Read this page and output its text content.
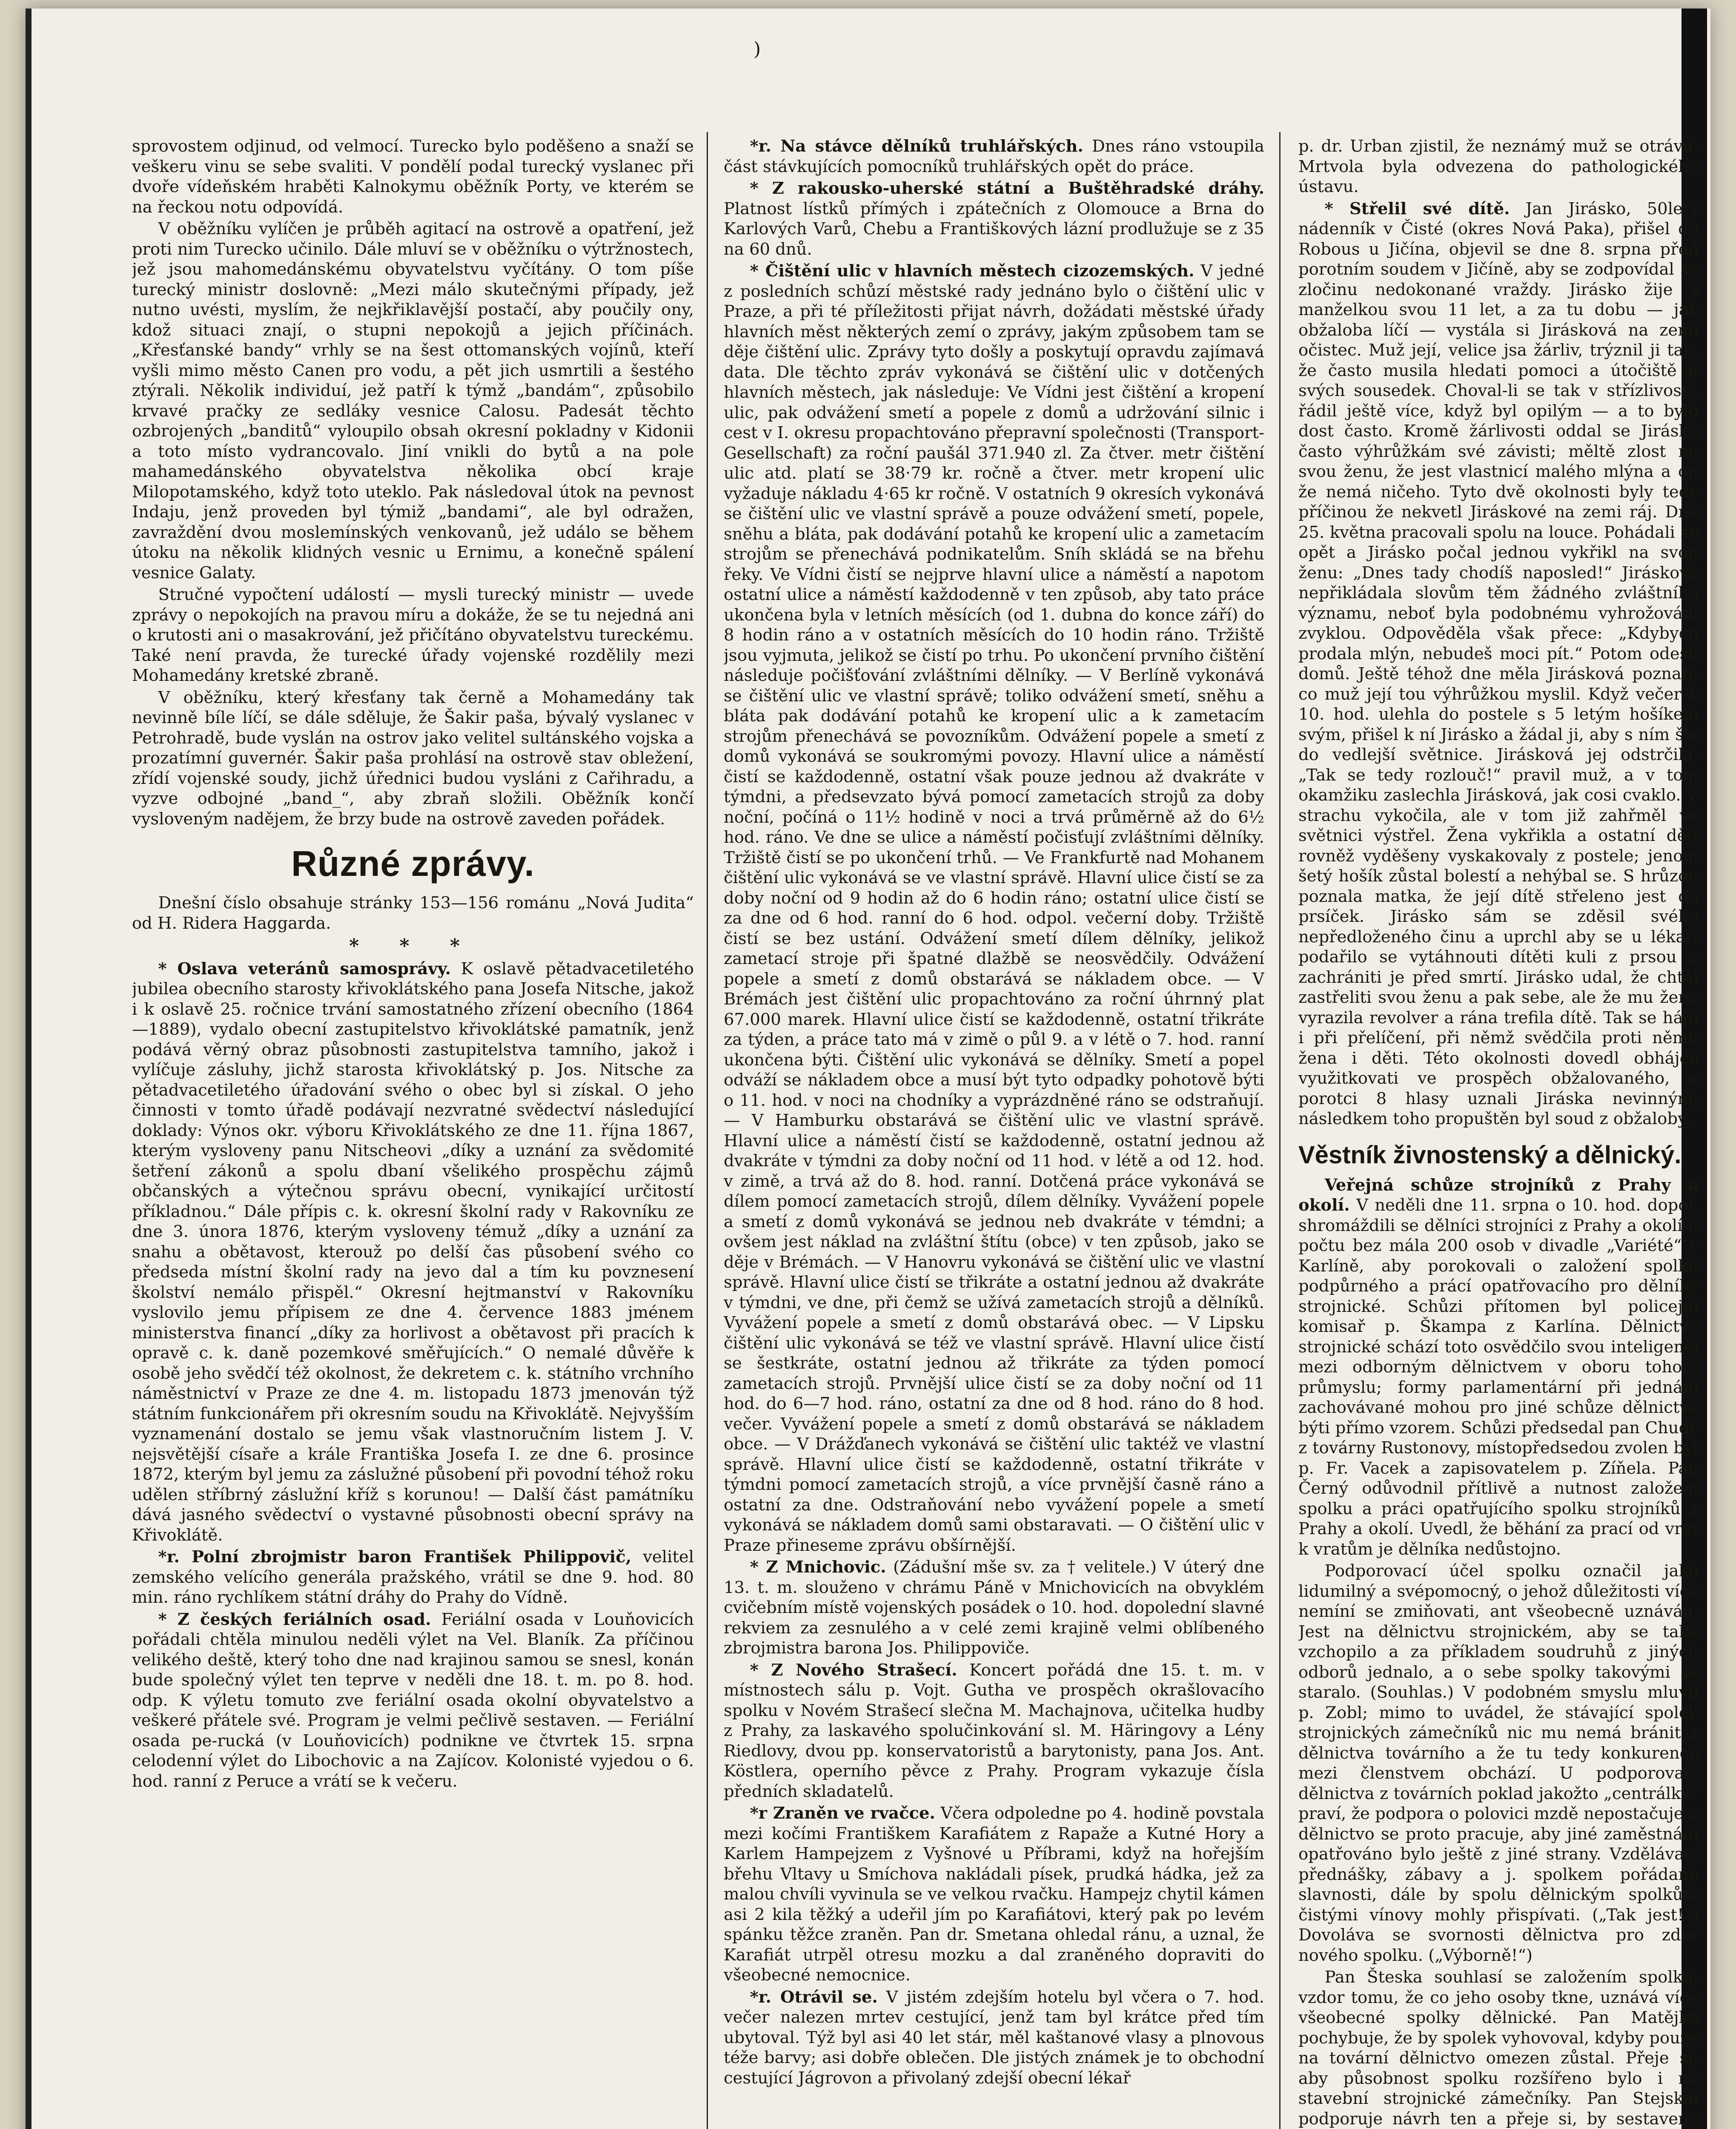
)

sprovostem odjinud, od velmocí. Turecko bylo poděšeno a snaží se veškeru vinu se sebe svaliti. V pondělí podal turecký vyslanec při dvoře vídeňském hraběti Kalnokymu oběžník Porty, ve kterém se na řeckou notu odpovídá.

V oběžníku vylíčen je průběh agitací na ostrově a opatření, jež proti nim Turecko učinilo. Dále mluví se v oběžníku o výtržnostech, jež jsou mahomedánskému obyvatelstvu vyčítány. O tom píše turecký ministr doslovně: „Mezi málo skutečnými případy, jež nutno uvésti, myslím, že nejkřiklavější postačí, aby poučily ony, kdož situaci znají, o stupni nepokojů a jejich příčinách. „Křesťanské bandy“ vrhly se na šest ottomanských vojínů, kteří vyšli mimo město Canen pro vodu, a pět jich usmrtili a šestého ztýrali. Několik individuí, jež patří k týmž „bandám“, způsobilo krvavé pračky ze sedláky vesnice Calosu. Padesát těchto ozbrojených „banditů“ vyloupilo obsah okresní pokladny v Kidonii a toto místo vydrancovalo. Jiní vnikli do bytů a na pole mahamedánského obyvatelstva několika obcí kraje Milopotamského, když toto uteklo. Pak následoval útok na pevnost Indaju, jenž proveden byl týmiž „bandami“, ale byl odražen, zavraždění dvou moslemínských venkovanů, jež událo se během útoku na několik klidných vesnic u Ernimu, a konečně spálení vesnice Galaty.

Stručné vypočtení událostí — mysli turecký ministr — uvede zprávy o nepokojích na pravou míru a dokáže, že se tu nejedná ani o krutosti ani o masakrování, jež přičítáno obyvatelstvu tureckému. Také není pravda, že turecké úřady vojenské rozdělily mezi Mohamedány kretské zbraně.

V oběžníku, který křesťany tak černě a Mohamedány tak nevinně bíle líčí, se dále sděluje, že Šakir paša, bývalý vyslanec v Petrohradě, bude vyslán na ostrov jako velitel sultánského vojska a prozatímní guvernér. Šakir paša prohlásí na ostrově stav obležení, zřídí vojenské soudy, jichž úřednici budou vysláni z Cařihradu, a vyzve odbojné „band_“, aby zbraň složili. Oběžník končí vysloveným nadějem, že brzy bude na ostrově zaveden pořádek.

Různé zprávy.

Dnešní číslo obsahuje stránky 153—156 románu „Nová Judita“ od H. Ridera Haggarda.

* * *

* Oslava veteránů samosprávy. K oslavě pětadvacetiletého jubilea obecního starosty křivoklátského pana Josefa Nitsche, jakož i k oslavě 25. ročnice trvání samostatného zřízení obecního (1864—1889), vydalo obecní zastupitelstvo křivoklátské pamatník, jenž podává věrný obraz působnosti zastupitelstva tamního, jakož i vylíčuje zásluhy, jichž starosta křivoklátský p. Jos. Nitsche za pětadvacetiletého úřadování svého o obec byl si získal. O jeho činnosti v tomto úřadě podávají nezvratné svědectví následující doklady: Výnos okr. výboru Křivoklátského ze dne 11. října 1867, kterým vysloveny panu Nitscheovi „díky a uznání za svědomité šetření zákonů a spolu dbaní všelikého prospěchu zájmů občanských a výtečnou správu obecní, vynikající určitostí příkladnou.“ Dále přípis c. k. okresní školní rady v Rakovníku ze dne 3. února 1876, kterým vysloveny témuž „díky a uznání za snahu a obětavost, kterouž po delší čas působení svého co předseda místní školní rady na jevo dal a tím ku povznesení školství nemálo přispěl.“ Okresní hejtmanství v Rakovníku vyslovilo jemu přípisem ze dne 4. července 1883 jménem ministerstva financí „díky za horlivost a obětavost při pracích k opravě c. k. daně pozemkové směřujících.“ O nemalé důvěře k osobě jeho svědčí též okolnost, že dekretem c. k. státního vrchního náměstnictví v Praze ze dne 4. m. listopadu 1873 jmenován týž státním funkcionářem při okresním soudu na Křivoklátě. Nejvyšším vyznamenání dostalo se jemu však vlastnoručním listem J. V. nejsvětější císaře a krále Františka Josefa I. ze dne 6. prosince 1872, kterým byl jemu za záslužné působení při povodní téhož roku udělen stříbrný záslužní kříž s korunou! — Další část památníku dává jasného svědectví o vystavné působnosti obecní správy na Křivoklátě.

*r. Polní zbrojmistr baron František Philippovič, velitel zemského velícího generála pražského, vrátil se dne 9. hod. 80 min. ráno rychlíkem státní dráhy do Prahy do Vídně.

* Z českých feriálních osad. Feriální osada v Louňovicích pořádali chtěla minulou neděli výlet na Vel. Blaník. Za příčinou velikého deště, který toho dne nad krajinou samou se snesl, konán bude společný výlet ten teprve v neděli dne 18. t. m. po 8. hod. odp. K výletu tomuto zve feriální osada okolní obyvatelstvo a veškeré přátele své. Program je velmi pečlivě sestaven. — Feriální osada pe-rucká (v Louňovicích) podnikne ve čtvrtek 15. srpna celodenní výlet do Libochovic a na Zajícov. Kolonisté vyjedou o 6. hod. ranní z Peruce a vrátí se k večeru.

*r. Na stávce dělníků truhlářských. Dnes ráno vstoupila část stávkujících pomocníků truhlářských opět do práce.

* Z rakousko-uherské státní a Buštěhradské dráhy. Platnost lístků přímých i zpátečních z Olomouce a Brna do Karlových Varů, Chebu a Františkových lázní prodlužuje se z 35 na 60 dnů.

* Čištění ulic v hlavních městech cizozemských. V jedné z posledních schůzí městské rady jednáno bylo o čištění ulic v Praze, a při té příležitosti přijat návrh, dožádati městské úřady hlavních měst některých zemí o zprávy, jakým způsobem tam se děje čištění ulic. Zprávy tyto došly a poskytují opravdu zajímavá data. Dle těchto zpráv vykonává se čištění ulic v dotčených hlavních městech, jak následuje: Ve Vídni jest čištění a kropení ulic, pak odvážení smetí a popele z domů a udržování silnic i cest v I. okresu propachtováno přepravní společnosti (Transport-Gesellschaft) za roční paušál 371.940 zl. Za čtver. metr čištění ulic atd. platí se 38·79 kr. ročně a čtver. metr kropení ulic vyžaduje nákladu 4·65 kr ročně. V ostatních 9 okresích vykonává se čištění ulic ve vlastní správě a pouze odvážení smetí, popele, sněhu a bláta, pak dodávání potahů ke kropení ulic a zametacím strojům se přenechává podnikatelům. Sníh skládá se na břehu řeky. Ve Vídni čistí se nejprve hlavní ulice a náměstí a napotom ostatní ulice a náměstí každodenně v ten způsob, aby tato práce ukončena byla v letních měsících (od 1. dubna do konce září) do 8 hodin ráno a v ostatních měsících do 10 hodin ráno. Tržiště jsou vyjmuta, jelikož se čistí po trhu. Po ukončení prvního čištění následuje počišťování zvláštními dělníky. — V Berlíně vykonává se čištění ulic ve vlastní správě; toliko odvážení smetí, sněhu a bláta pak dodávání potahů ke kropení ulic a k zametacím strojům přenechává se povozníkům. Odvážení popele a smetí z domů vykonává se soukromými povozy. Hlavní ulice a náměstí čistí se každodenně, ostatní však pouze jednou až dvakráte v týmdni, a předsevzato bývá pomocí zametacích strojů za doby noční, počíná o 11½ hodině v noci a trvá průměrně až do 6½ hod. ráno. Ve dne se ulice a náměstí počisťují zvláštními dělníky. Tržiště čistí se po ukončení trhů. — Ve Frankfurtě nad Mohanem čištění ulic vykonává se ve vlastní správě. Hlavní ulice čistí se za doby noční od 9 hodin až do 6 hodin ráno; ostatní ulice čistí se za dne od 6 hod. ranní do 6 hod. odpol. večerní doby. Tržiště čistí se bez ustání. Odvážení smetí dílem dělníky, jelikož zametací stroje při špatné dlažbě se neosvědčily. Odvážení popele a smetí z domů obstarává se nákladem obce. — V Brémách jest čištění ulic propachtováno za roční úhrnný plat 67.000 marek. Hlavní ulice čistí se každodenně, ostatní třikráte za týden, a práce tato má v zimě o půl 9. a v létě o 7. hod. ranní ukončena býti. Čištění ulic vykonává se dělníky. Smetí a popel odváží se nákladem obce a musí být tyto odpadky pohotově býti o 11. hod. v noci na chodníky a vyprázdněné ráno se odstraňují. — V Hamburku obstarává se čištění ulic ve vlastní správě. Hlavní ulice a náměstí čistí se každodenně, ostatní jednou až dvakráte v týmdni za doby noční od 11 hod. v létě a od 12. hod. v zimě, a trvá až do 8. hod. ranní. Dotčená práce vykonává se dílem pomocí zametacích strojů, dílem dělníky. Vyvážení popele a smetí z domů vykonává se jednou neb dvakráte v témdni; a ovšem jest náklad na zvláštní štítu (obce) v ten způsob, jako se děje v Brémách. — V Hanovru vykonává se čištění ulic ve vlastní správě. Hlavní ulice čistí se třikráte a ostatní jednou až dvakráte v týmdni, ve dne, při čemž se užívá zametacích strojů a dělníků. Vyvážení popele a smetí z domů obstarává obec. — V Lipsku čištění ulic vykonává se též ve vlastní správě. Hlavní ulice čistí se šestkráte, ostatní jednou až třikráte za týden pomocí zametacích strojů. Prvnější ulice čistí se za doby noční od 11 hod. do 6—7 hod. ráno, ostatní za dne od 8 hod. ráno do 8 hod. večer. Vyvážení popele a smetí z domů obstarává se nákladem obce. — V Drážďanech vykonává se čištění ulic taktéž ve vlastní správě. Hlavní ulice čistí se každodenně, ostatní třikráte v týmdni pomocí zametacích strojů, a více prvnější časně ráno a ostatní za dne. Odstraňování nebo vyvážení popele a smetí vykonává se nákladem domů sami obstaravati. — O čištění ulic v Praze přineseme zprávu obšírnější.

* Z Mnichovic. (Zádušní mše sv. za † velitele.) V úterý dne 13. t. m. slouženo v chrámu Páně v Mnichovicích na obvyklém cvičebním místě vojenských posádek o 10. hod. dopolední slavné rekviem za zesnulého a v celé zemi krajině velmi oblíbeného zbrojmistra barona Jos. Philippoviče.

* Z Nového Strašecí. Koncert pořádá dne 15. t. m. v místnostech sálu p. Vojt. Gutha ve prospěch okrašlovacího spolku v Novém Strašecí slečna M. Machajnova, učitelka hudby z Prahy, za laskavého spolučinkování sl. M. Häringovy a Lény Riedlovy, dvou pp. konservatoristů a barytonisty, pana Jos. Ant. Köstlera, operního pěvce z Prahy. Program vykazuje čísla předních skladatelů.

*r Zraněn ve rvačce. Včera odpoledne po 4. hodině povstala mezi kočími Františkem Karafiátem z Rapaže a Kutné Hory a Karlem Hampejzem z Vyšnové u Příbrami, když na hořejším břehu Vltavy u Smíchova nakládali písek, prudká hádka, jež za malou chvíli vyvinula se ve velkou rvačku. Hampejz chytil kámen asi 2 kila těžký a udeřil jím po Karafiátovi, který pak po levém spánku těžce zraněn. Pan dr. Smetana ohledal ránu, a uznal, že Karafiát utrpěl otresu mozku a dal zraněného dopraviti do všeobecné nemocnice.

*r. Otrávil se. V jistém zdejším hotelu byl včera o 7. hod. večer nalezen mrtev cestující, jenž tam byl krátce před tím ubytoval. Týž byl asi 40 let stár, měl kaštanové vlasy a plnovous téže barvy; asi dobře oblečen. Dle jistých známek je to obchodní cestující Jágrovon a přivolaný zdejší obecní lékař

p. dr. Urban zjistil, že neznámý muž se otrávil. Mrtvola byla odvezena do pathologického ústavu.

* Střelil své dítě. Jan Jirásko, 50letý nádenník v Čisté (okres Nová Paka), přišel do Robous u Jičína, objevil se dne 8. srpna před porotním soudem v Jičíně, aby se zodpovídal se zločinu nedokonané vraždy. Jirásko žije s manželkou svou 11 let, a za tu dobu — jak obžaloba líčí — vystála si Jirásková na zemi očistec. Muž její, velice jsa žárliv, trýznil ji tak, že často musila hledati pomoci a útočiště u svých sousedek. Choval-li se tak v střízlivosti, řádil ještě více, když byl opilým — a to bylo dost často. Kromě žárlivosti oddal se Jirásko často výhrůžkám své závisti; měltě zlost na svou ženu, že jest vlastnicí malého mlýna a on že nemá ničeho. Tyto dvě okolnosti byly tedy příčinou že nekvetl Jiráskové na zemi ráj. Dne 25. května pracovali spolu na louce. Pohádali se opět a Jirásko počal jednou vykřikl na svou ženu: „Dnes tady chodíš naposled!“ Jirásková nepřikládala slovům těm žádného zvláštního významu, neboť byla podobnému vyhrožování zvyklou. Odpověděla však přece: „Kdybych prodala mlýn, nebudeš moci pít.“ Potom odešli domů. Ještě téhož dne měla Jirásková poznati, co muž její tou výhrůžkou myslil. Když večer k 10. hod. ulehla do postele s 5 letým hošíkem svým, přišel k ní Jirásko a žádal ji, aby s ním šla do vedlejší světnice. Jirásková jej odstrčila. „Tak se tedy rozlouč!“ pravil muž, a v tom okamžiku zaslechla Jirásková, jak cosi cvaklo. V strachu vykočila, ale v tom již zahřměl ve světnici výstřel. Žena vykřikla a ostatní děti rovněž vyděšeny vyskakovaly z postele; jenom šetý hošík zůstal bolestí a nehýbal se. S hrůzou poznala matka, že její dítě střeleno jest do prsíček. Jirásko sám se zděsil svého nepředloženého činu a uprchl aby se u lékaři podařilo se vytáhnouti dítěti kuli z prsou a zachrániti je před smrtí. Jirásko udal, že chtěl zastřeliti svou ženu a pak sebe, ale že mu žena vyrazila revolver a rána trefila dítě. Tak se hájil i při přelíčení, při němž svědčila proti němu žena i děti. Této okolnosti dovedl obhájce využitkovati ve prospěch obžalovaného, a porotci 8 hlasy uznali Jiráska nevinným; následkem toho propuštěn byl soud z obžaloby.

Věstník živnostenský a dělnický.

Veřejná schůze strojníků z Prahy a okolí. V neděli dne 11. srpna o 10. hod. dopol. shromáždili se dělníci strojníci z Prahy a okolí u počtu bez mála 200 osob v divadle „Variété“ v Karlíně, aby porokovali o založení spolku podpůrného a prácí opatřovacího pro dělníky strojnické. Schůzi přítomen byl policejní komisař p. Škampa z Karlína. Dělnictvo strojnické schází toto osvědčilo svou inteligenci mezi odborným dělnictvem v oboru tohoto průmyslu; formy parlamentární při jednání zachovávané mohou pro jiné schůze dělnictva býti přímo vzorem. Schůzi předsedal pan Chudý z továrny Rustonovy, místopředsedou zvolen byl p. Fr. Vacek a zapisovatelem p. Zíňela. Pan Černý odůvodnil přítlivě a nutnost založení spolku a práci opatřujícího spolku strojníků z Prahy a okolí. Uvedl, že běhání za prací od vrat k vratům je dělníka nedůstojno.

Podporovací účel spolku označil jako lidumilný a svépomocný, o jehož důležitosti více nemíní se zmiňovati, ant všeobecně uznáván. Jest na dělnictvu strojnickém, aby se také vzchopilo a za příkladem soudruhů z jiných odborů jednalo, a o sebe spolky takovými se staralo. (Souhlas.) V podobném smyslu mluvil p. Zobl; mimo to uvádel, že stávající spolek strojnických zámečníků nic mu nemá bránit z dělnictva továrního a že tu tedy konkurence mezi členstvem obchází. U podporovací dělnictva z továrních poklad jakožto „centrálky“ praví, že podpora o polovici mzdě nepostačuje a dělnictvo se proto pracuje, aby jiné zaměstnání opatřováno bylo ještě z jiné strany. Vzdělávací přednášky, zábavy a j. spolkem pořádané slavnosti, dále by spolu dělnickým spolkům čistými vínovy mohly přispívati. („Tak jest!“) Dovoláva se svornosti dělnictva pro zdar nového spolku. („Výborně!“)

Pan Šteska souhlasí se založením spolku, vzdor tomu, že co jeho osoby tkne, uznává více všeobecné spolky dělnické. Pan Matějka pochybuje, že by spolek vyhovoval, kdyby pouze na tovární dělnictvo omezen zůstal. Přeje si, aby působnost spolku rozšířeno bylo i na stavební strojnické zámečníky. Pan Stejskal podporuje návrh ten a přeje si, by sestaveno
